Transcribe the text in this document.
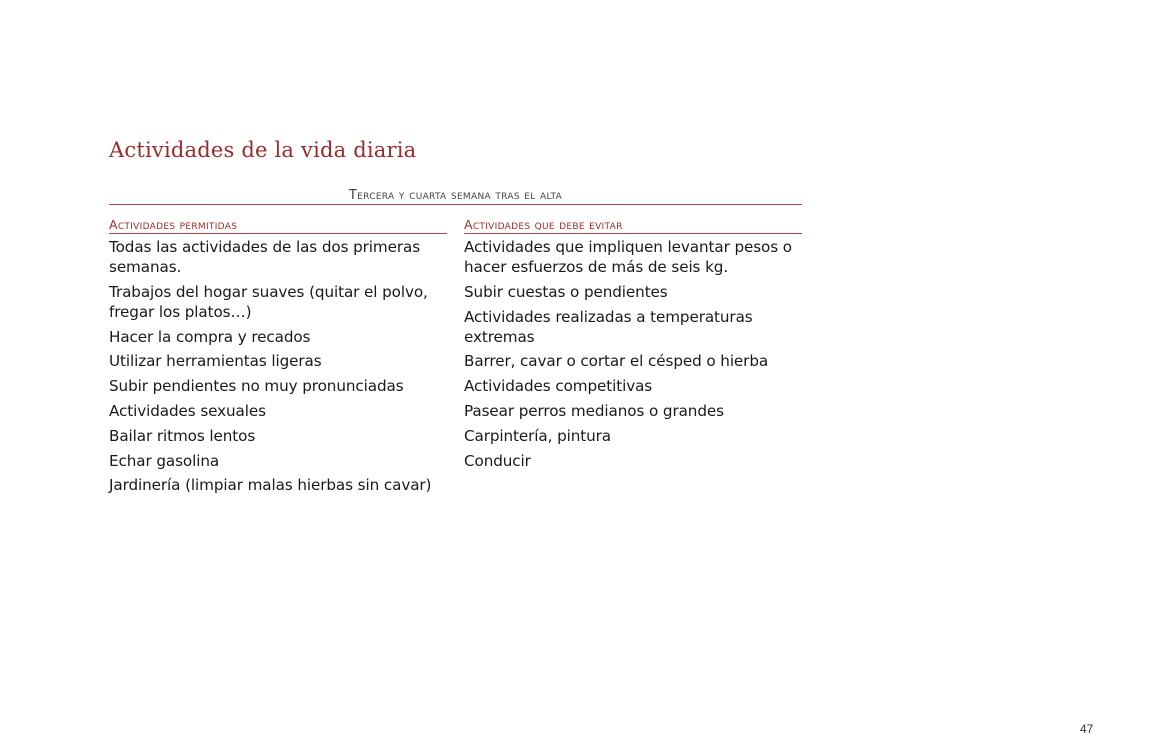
Actividades de la vida diaria
Tercera y cuarta semana tras el alta
Actividades permitidas
Todas las actividades de las dos primeras semanas.
Trabajos del hogar suaves (quitar el polvo, fregar los platos…)
Hacer la compra y recados
Utilizar herramientas ligeras
Subir pendientes no muy pronunciadas
Actividades sexuales
Bailar ritmos lentos
Echar gasolina
Jardinería (limpiar malas hierbas sin cavar)
Actividades que debe evitar
Actividades que impliquen levantar pesos o hacer esfuerzos de más de seis kg.
Subir cuestas o pendientes
Actividades realizadas a temperaturas extremas
Barrer, cavar o cortar el césped o hierba
Actividades competitivas
Pasear perros medianos o grandes
Carpintería, pintura
Conducir
47
